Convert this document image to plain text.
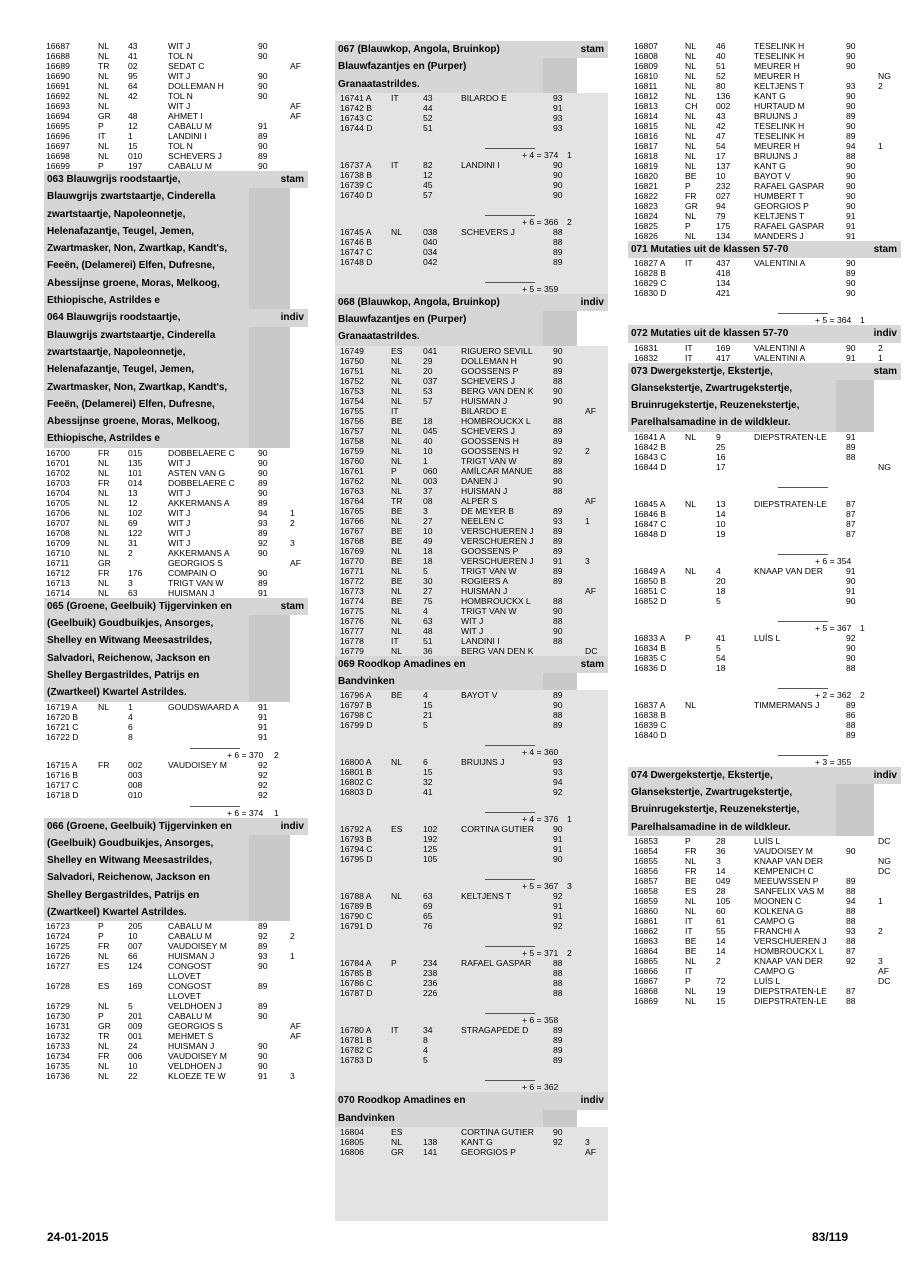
16687	NL 43	WIT J	90
16688	NL 41	TOL N	90
16689	TR 02	SEDAT C	AF
16690	NL 95	WIT J	90
16691	NL 64	DOLLEMAN H	90
16692	NL 42	TOL N	90
16693	NL	WIT J	AF
16694	GR 48	AHMET I	AF
16695	P	12	CABALU M	91
16696	IT	1	LANDINI I	89
16697	NL 15	TOL N	90
16698	NL 010	SCHEVERS J	89
16699	P	197	CABALU M	90
063 Blauwgrijs roodstaartje,	stam
Blauwgrijs zwartstaartje, Cinderella
zwartstaartje, Napoleonnetje,
Helenafazantje, Teugel, Jemen,
Zwartmasker, Non, Zwartkap, Kandt's,
Feeën, (Delamerei) Elfen, Dufresne,
Abessijnse groene, Moras, Melkoog,
Ethiopische, Astrildes e
064 Blauwgrijs roodstaartje,	indiv
Blauwgrijs zwartstaartje, Cinderella
zwartstaartje, Napoleonnetje,
Helenafazantje, Teugel, Jemen,
Zwartmasker, Non, Zwartkap, Kandt's,
Feeën, (Delamerei) Elfen, Dufresne,
Abessijnse groene, Moras, Melkoog,
Ethiopische, Astrildes e
16700	FR 015	DOBBELAERE C	90
16701	NL 135	WIT J	90
16702	NL 101	ASTEN VAN G	90
16703	FR 014	DOBBELAERE C	89
16704	NL 13	WIT J	90
16705	NL 12	AKKERMANS A	89
16706	NL 102	WIT J	94	1
16707	NL 69	WIT J	93	2
16708	NL 122	WIT J	89
16709	NL 31	WIT J	92	3
16710	NL 2	AKKERMANS A	90
16711	GR	GEORGIOS S	AF
16712	FR 176	COMPAIN O	90
16713	NL 3	TRIGT VAN W	89
16714	NL 63	HUISMAN J	91
065 (Groene, Geelbuik) Tijgervinken en	stam
(Geelbuik) Goudbuikjes, Ansorges,
Shelley en Witwang Meesastrildes,
Salvadori, Reichenow, Jackson en
Shelley Bergastrildes, Patrijs en
(Zwartkeel) Kwartel Astrildes.
16719 A NL 1	GOUDSWAARD A 91
16720 B	4	91
16721 C	6	91
16722 D	8	91
+ 6 = 370 2
16715 A FR 002	VAUDOISEY M	92
16716 B	003	92
16717 C	008	92
16718 D	010	92
+ 6 = 374 1
066 (Groene, Geelbuik) Tijgervinken en	indiv
(Geelbuik) Goudbuikjes, Ansorges,
Shelley en Witwang Meesastrildes,
Salvadori, Reichenow, Jackson en
Shelley Bergastrildes, Patrijs en
(Zwartkeel) Kwartel Astrildes.
16723	P	205	CABALU M	89
16724	P	10	CABALU M	92	2
16725	FR 007	VAUDOISEY M	89
16726	NL 66	HUISMAN J	93	1
16727	ES 124	CONGOST	90
LLOVET
16728	ES 169	CONGOST	89
LLOVET
16729	NL 5	VELDHOEN J	89
16730	P	201	CABALU M	90
16731	GR 009	GEORGIOS S	AF
16732	TR 001	MEHMET S	AF
16733	NL 24	HUISMAN J	90
16734	FR 006	VAUDOISEY M	90
16735	NL 10	VELDHOEN J	90
16736	NL 22	KLOEZE TE W	91	3
067 (Blauwkop, Angola, Bruinkop)	stam
Blauwfazantjes en (Purper)
Granaatastrildes.
16741 A IT	43	BILARDO E	93
16742 B	44	91
16743 C	52	93
16744 D	51	93
+ 4 = 374 1
16737 A IT	82	LANDINI I	90
16738 B	12	90
16739 C	45	90
16740 D	57	90
+ 6 = 366 2
16745 A NL 038	SCHEVERS J	88
16746 B	040	88
16747 C	034	89
16748 D	042	89
+ 5 = 359
068 (Blauwkop, Angola, Bruinkop)	indiv
Blauwfazantjes en (Purper)
Granaatastrildes.
16749	ES 041	RIGUERO SEVILL 90
16750	NL 29	DOLLEMAN H	90
16751	NL 20	GOOSSENS P	89
16752	NL 037	SCHEVERS J	88
16753	NL 53	BERG VAN DEN K 90
16754	NL 57	HUISMAN J	90
16755	IT	BILARDO E	AF
16756	BE 18	HOMBROUCKX L	88
16757	NL 045	SCHEVERS J	89
16758	NL 40	GOOSSENS H	89
16759	NL 10	GOOSSENS H	92	2
16760	NL 1	TRIGT VAN W	89
16761	P	060	AMÍLCAR MANUE 88
16762	NL 003	DANEN J	90
16763	NL 37	HUISMAN J	88
16764	TR 08	ALPER S	AF
16765	BE 3	DE MEYER B	89
16766	NL 27	NEELEN C	93	1
16767	BE 10	VERSCHUEREN J 89
16768	BE 49	VERSCHUEREN J 89
16769	NL 18	GOOSSENS P	89
16770	BE 18	VERSCHUEREN J 91	3
16771	NL 5	TRIGT VAN W	89
16772	BE 30	ROGIERS A	89
16773	NL 27	HUISMAN J	AF
16774	BE 75	HOMBROUCKX L	88
16775	NL 4	TRIGT VAN W	90
16776	NL 63	WIT J	88
16777	NL 48	WIT J	90
16778	IT	51	LANDINI I	88
16779	NL 36	BERG VAN DEN K	DC
069 Roodkop Amadines en	stam
Bandvinken
16796 A BE 4	BAYOT V	89
16797 B	15	90
16798 C	21	88
16799 D	5	89
+ 4 = 360
16800 A NL 6	BRUIJNS J	93
16801 B	15	93
16802 C	32	94
16803 D	41	92
+ 4 = 376 1
16792 A ES 102	CORTINA GUTIER 90
16793 B	192	91
16794 C	125	91
16795 D	105	90
+ 5 = 367 3
16788 A NL 63	KELTJENS T	92
16789 B	69	91
16790 C	65	91
16791 D	76	92
+ 5 = 371 2
16784 A P	234	RAFAEL GASPAR	88
16785 B	238	88
16786 C	236	88
16787 D	226	88
+ 6 = 358
16780 A IT	34	STRAGAPEDE D	89
16781 B	8	89
16782 C	4	89
16783 D	5	89
+ 6 = 362
070 Roodkop Amadines en	indiv
Bandvinken
16804	ES	CORTINA GUTIER 90
16805	NL 138	KANT G	92	3
16806	GR 141	GEORGIOS P	AF
16807	NL 46	TESELINK H	90
16808	NL 40	TESELINK H	90
16809	NL 51	MEURER H	90
16810	NL 52	MEURER H	NG
16811	NL 80	KELTJENS T	93	2
16812	NL 136	KANT G	90
16813	CH 002	HURTAUD M	90
16814	NL 43	BRUIJNS J	89
16815	NL 42	TESELINK H	90
16816	NL 47	TESELINK H	89
16817	NL 54	MEURER H	94	1
16818	NL 17	BRUIJNS J	88
16819	NL 137	KANT G	90
16820	BE 10	BAYOT V	90
16821	P	232	RAFAEL GASPAR	90
16822	FR 027	HUMBERT T	90
16823	GR 94	GEORGIOS P	90
16824	NL 79	KELTJENS T	91
16825	P	175	RAFAEL GASPAR	91
16826	NL 134	MANDERS J	91
071 Mutaties uit de klassen 57-70	stam
16827 A IT	437	VALENTINI A	90
16828 B	418	89
16829 C	134	90
16830 D	421	90
+ 5 = 364 1
072 Mutaties uit de klassen 57-70	indiv
16831	IT	169	VALENTINI A	90	2
16832	IT	417	VALENTINI A	91	1
073 Dwergekstertje, Ekstertje,	stam
Glansekstertje, Zwartrugekstertje,
Bruinrugekstertje, Reuzenekstertje,
Parelhalsamadine in de wildkleur.
16841 A NL 9	DIEPSTRATEN-LE 91
16842 B	25	89
16843 C	16	88
16844 D	17	NG
16845 A NL 13	DIEPSTRATEN-LE 87
16846 B	14	87
16847 C	10	87
16848 D	19	87
+ 6 = 354
16849 A NL 4	KNAAP VAN DER	91
16850 B	20	90
16851 C	18	91
16852 D	5	90
+ 5 = 367 1
16833 A P	41	LUÍS L	92
16834 B	5	90
16835 C	54	90
16836 D	18	88
+ 2 = 362 2
16837 A NL	TIMMERMANS J	89
16838 B	86
16839 C	88
16840 D	89
+ 3 = 355
074 Dwergekstertje, Ekstertje,	indiv
Glansekstertje, Zwartrugekstertje,
Bruinrugekstertje, Reuzenekstertje,
Parelhalsamadine in de wildkleur.
16853	P	28	LUÍS L	DC
16854	FR 36	VAUDOISEY M	90
16855	NL 3	KNAAP VAN DER	NG
16856	FR 14	KEMPENICH C	DC
16857	BE 049	MEEUWSSEN P	89
16858	ES 28	SANFELIX VAS M	88
16859	NL 105	MOONEN C	94	1
16860	NL 60	KOLKENA G	88
16861	IT	61	CAMPO G	88
16862	IT	55	FRANCHI A	93	2
16863	BE 14	VERSCHUEREN J 88
16864	BE 14	HOMBROUCKX L	87
16865	NL 2	KNAAP VAN DER	92	3
16866	IT	CAMPO G	AF
16867	P	72	LUÍS L	DC
16868	NL 19	DIEPSTRATEN-LE 87
16869	NL 15	DIEPSTRATEN-LE 88
24-01-2015	83/119
